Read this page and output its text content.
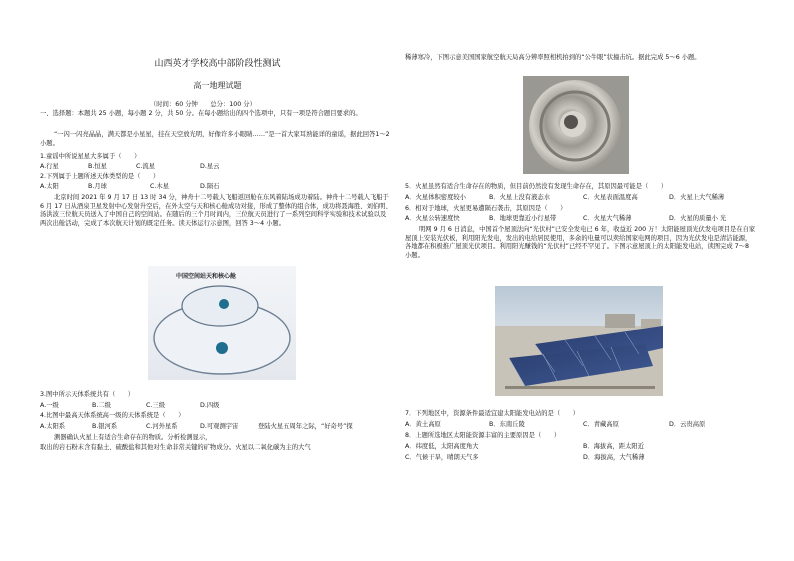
山西英才学校高中部阶段性测试
高一地理试题
（时间：60 分钟　　总分：100 分）
一、选择题：本题共 25 小题，每小题 2 分，共 50 分。在每小题给出的四个选项中，只有一项是符合题目要求的。
“一闪一闪亮晶晶，满天都是小星星，挂在天空放光明，好像许多小眼睛……”是一首大家耳熟能详的童谣，据此回答1～2 小题。
1.童谣中所说星星大多属于（　　）
A.行星	B.恒星	C.流星	D.星云
2.下列属于上题所述天体类型的是（　　）
A.太阳	B.月球	C.木星	D.陨石
北京时间 2021 年 9 月 17 日 13 时 34 分，神舟十二号载人飞船返回舱在东风着陆场成功着陆。神舟十二号载人飞船于 6 月 17 日从酒泉卫星发射中心发射升空后，在外太空与天和核心舱成功对接，形成了整体的组合体，成功将聂海胜、刘伯明、汤洪波三位航天员送入了中国自己的空间站。在随后的三个月时间内，三位航天员进行了一系列空间科学实验和技术试验以及两次出舱活动，完成了本次航天计划的既定任务。读天体运行示意图，回答 3～4 小题。
中国空间站天和核心舱
3.图中所示天体系统共有（　　）
A.一级	B.二级	C.三级	D.四级
4.比图中最高天体系统高一级的天体系统是（　　）
A.太阳系	B.银河系	C.河外星系	D.可观测宇宙	登陆火星五周年之际，“好奇号”探
测器确认火星上有适合生命存在的物质。分析检测显示，
取出的岩石粉末含有黏土、硫酸盐和其他对生命非常关键的矿物成分。火星以二氧化碳为主的大气
稀薄寒冷，下图示意美国国家航空航天局高分辨率照相机拍到的“公牛眼”状撞击坑。据此完成 5～6 小题。
5．火星虽然有适合生命存在的物质，但目前仍然没有发现生命存在，其原因最可能是（　　）
A．火星体积密度较小	B．火星上没有液态水	C．火星表面温度高	D．火星上大气稀薄
6．相对于地球，火星更易遭陨石袭击，其原因是（　　）
A．火星公转速度快	B．地球更靠近小行星带	C．火星大气稀薄	D．火星的质量小 光
明网 9 月 6 日消息，中国首个屋顶法向“光伏村”已安全发电已 6 年，收益近 200 万！太阳能屋顶光伏发电项目是在自家屋顶上安装光伏板，利用阳光发电，发出的电给居民使用，多余的电量可以卖给国家电网的项目，因为光伏发电是清洁能源，各地都在积极推广屋顶光伏项目。利用阳光赚钱的“光伏村”已经不罕见了。下图示意屋顶上的太阳能发电站，读图完成 7～8 小题。
7．下列地区中，资源条件最适宜建太阳能发电站的是（　　）
A．黄土高原	B．东南丘陵	C．青藏高原	D．云贵高原
8．上题所选地区太阳能资源丰富的主要原因是（　　）
A．纬度低，太阳高度角大	B．海拔高，距太阳近
C．气候干旱，晴朗天气多	D．海拔高，大气稀薄
